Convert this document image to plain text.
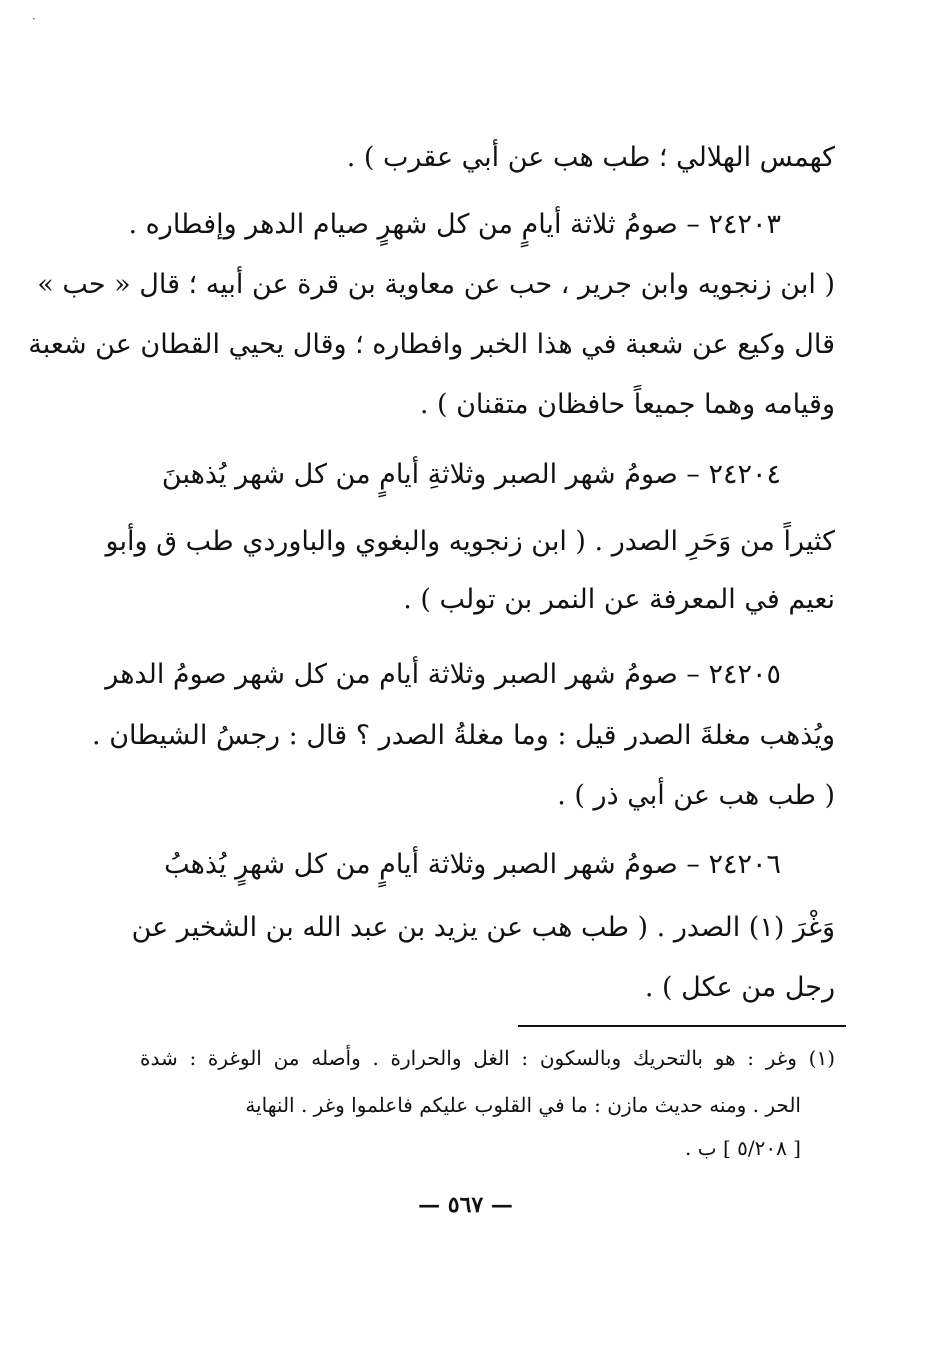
·
كهمس الهلالي ؛ طب هب عن أبي عقرب ) .
٢٤٢٠٣ – صومُ ثلاثة أيامٍ من كل شهرٍ صيام الدهر وإفطاره .
( ابن زنجويه وابن جرير ، حب عن معاوية بن قرة عن أبيه ؛ قال « حب »
قال وكيع عن شعبة في هذا الخبر وافطاره ؛ وقال يحيي القطان عن شعبة
وقيامه وهما جميعاً حافظان متقنان ) .
٢٤٢٠٤ – صومُ شهر الصبر وثلاثةِ أيامٍ من كل شهر يُذهبنَ
كثيراً من وَحَرِ الصدر . ( ابن زنجويه والبغوي والباوردي طب ق وأبو
نعيم في المعرفة عن النمر بن تولب ) .
٢٤٢٠٥ – صومُ شهر الصبر وثلاثة أيام من كل شهر صومُ الدهر
ويُذهب مغلةَ الصدر قيل : وما مغلةُ الصدر ؟ قال : رجسُ الشيطان .
( طب هب عن أبي ذر ) .
٢٤٢٠٦ – صومُ شهر الصبر وثلاثة أيامٍ من كل شهرٍ يُذهبُ
وَغْرَ (١) الصدر . ( طب هب عن يزيد بن عبد الله بن الشخير عن
رجل من عكل ) .
(١) وغر : هو بالتحريك وبالسكون : الغل والحرارة . وأصله من الوغرة : شدة
الحر . ومنه حديث مازن : ما في القلوب عليكم فاعلموا وغر . النهاية
[ ٥/٢٠٨ ] ب .
— ٥٦٧ —
